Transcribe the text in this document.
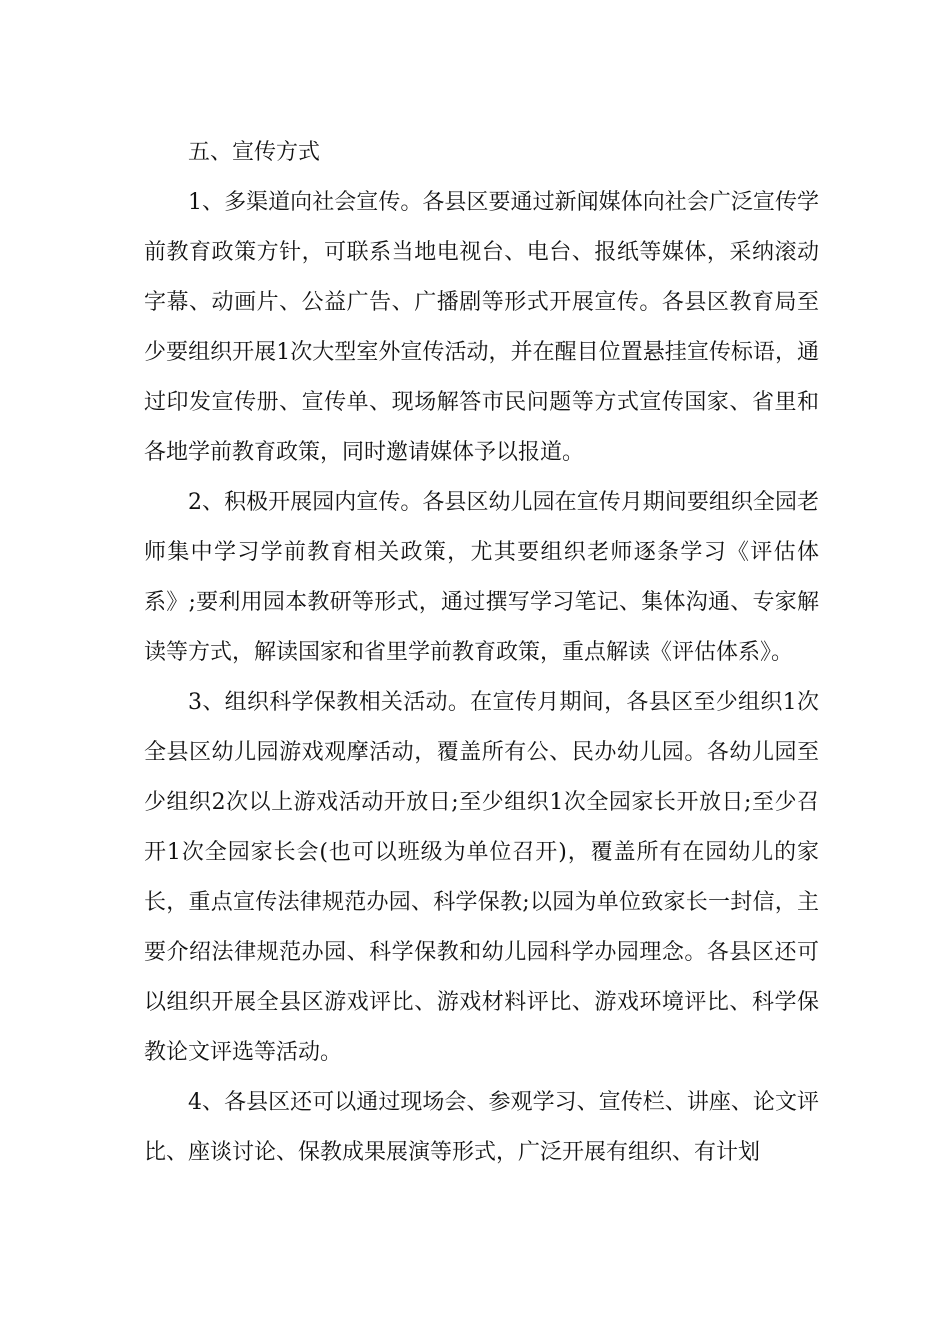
五、宣传方式

1、多渠道向社会宣传。各县区要通过新闻媒体向社会广泛宣传学前教育政策方针，可联系当地电视台、电台、报纸等媒体，采纳滚动字幕、动画片、公益广告、广播剧等形式开展宣传。各县区教育局至少要组织开展1次大型室外宣传活动，并在醒目位置悬挂宣传标语，通过印发宣传册、宣传单、现场解答市民问题等方式宣传国家、省里和各地学前教育政策，同时邀请媒体予以报道。

2、积极开展园内宣传。各县区幼儿园在宣传月期间要组织全园老师集中学习学前教育相关政策，尤其要组织老师逐条学习《评估体系》;要利用园本教研等形式，通过撰写学习笔记、集体沟通、专家解读等方式，解读国家和省里学前教育政策，重点解读《评估体系》。

3、组织科学保教相关活动。在宣传月期间，各县区至少组织1次全县区幼儿园游戏观摩活动，覆盖所有公、民办幼儿园。各幼儿园至少组织2次以上游戏活动开放日;至少组织1次全园家长开放日;至少召开1次全园家长会(也可以班级为单位召开)，覆盖所有在园幼儿的家长，重点宣传法律规范办园、科学保教;以园为单位致家长一封信，主要介绍法律规范办园、科学保教和幼儿园科学办园理念。各县区还可以组织开展全县区游戏评比、游戏材料评比、游戏环境评比、科学保教论文评选等活动。

4、各县区还可以通过现场会、参观学习、宣传栏、讲座、论文评比、座谈讨论、保教成果展演等形式，广泛开展有组织、有计划
